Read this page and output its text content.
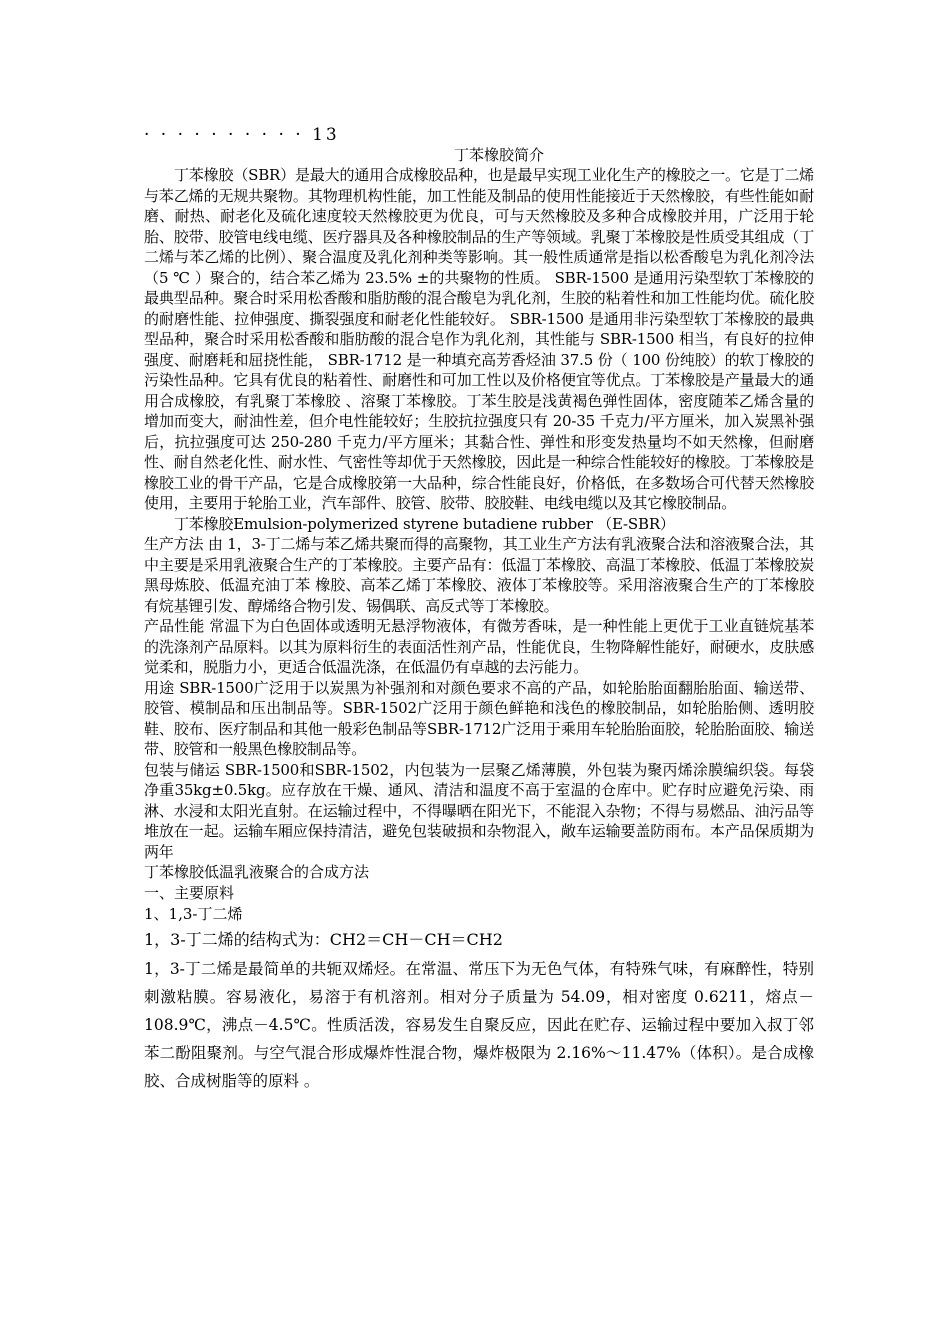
· · · · · · · · · · 13

丁苯橡胶简介

丁苯橡胶（SBR）是最大的通用合成橡胶品种，也是最早实现工业化生产的橡胶之一。它是丁二烯与苯乙烯的无规共聚物。其物理机构性能，加工性能及制品的使用性能接近于天然橡胶，有些性能如耐磨、耐热、耐老化及硫化速度较天然橡胶更为优良，可与天然橡胶及多种合成橡胶并用，广泛用于轮胎、胶带、胶管电线电缆、医疗器具及各种橡胶制品的生产等领域。乳聚丁苯橡胶是性质受其组成（丁二烯与苯乙烯的比例）、聚合温度及乳化剂种类等影响。其一般性质通常是指以松香酸皂为乳化剂冷法（5 ℃ ）聚合的，结合苯乙烯为 23.5% ±的共聚物的性质。 SBR-1500 是通用污染型软丁苯橡胶的最典型品种。聚合时采用松香酸和脂肪酸的混合酸皂为乳化剂，生胶的粘着性和加工性能均优。硫化胶的耐磨性能、拉伸强度、撕裂强度和耐老化性能较好。 SBR-1500 是通用非污染型软丁苯橡胶的最典型品种，聚合时采用松香酸和脂肪酸的混合皂作为乳化剂，其性能与 SBR-1500 相当，有良好的拉伸强度、耐磨耗和屈挠性能， SBR-1712 是一种填充高芳香烃油 37.5 份（ 100 份纯胶）的软丁橡胶的污染性品种。它具有优良的粘着性、耐磨性和可加工性以及价格便宜等优点。丁苯橡胶是产量最大的通用合成橡胶，有乳聚丁苯橡胶 、溶聚丁苯橡胶。丁苯生胶是浅黄褐色弹性固体，密度随苯乙烯含量的增加而变大，耐油性差，但介电性能较好；生胶抗拉强度只有 20-35 千克力/平方厘米，加入炭黑补强后，抗拉强度可达 250-280 千克力/平方厘米；其黏合性、弹性和形变发热量均不如天然橡，但耐磨性、耐自然老化性、耐水性、气密性等却优于天然橡胶，因此是一种综合性能较好的橡胶。丁苯橡胶是橡胶工业的骨干产品，它是合成橡胶第一大品种，综合性能良好，价格低，在多数场合可代替天然橡胶使用，主要用于轮胎工业，汽车部件、胶管、胶带、胶胶鞋、电线电缆以及其它橡胶制品。

丁苯橡胶Emulsion-polymerized styrene butadiene rubber （E-SBR）

生产方法 由 1，3-丁二烯与苯乙烯共聚而得的高聚物，其工业生产方法有乳液聚合法和溶液聚合法，其中主要是采用乳液聚合生产的丁苯橡胶。主要产品有：低温丁苯橡胶、高温丁苯橡胶、低温丁苯橡胶炭黑母炼胶、低温充油丁苯 橡胶、高苯乙烯丁苯橡胶、液体丁苯橡胶等。采用溶液聚合生产的丁苯橡胶有烷基锂引发、醇烯络合物引发、锡偶联、高反式等丁苯橡胶。

产品性能 常温下为白色固体或透明无悬浮物液体，有微芳香味，是一种性能上更优于工业直链烷基苯的洗涤剂产品原料。以其为原料衍生的表面活性剂产品，性能优良，生物降解性能好，耐硬水，皮肤感觉柔和，脱脂力小，更适合低温洗涤，在低温仍有卓越的去污能力。

用途 SBR-1500广泛用于以炭黑为补强剂和对颜色要求不高的产品，如轮胎胎面翻胎胎面、输送带、胶管、模制品和压出制品等。SBR-1502广泛用于颜色鲜艳和浅色的橡胶制品，如轮胎胎侧、透明胶鞋、胶布、医疗制品和其他一般彩色制品等SBR-1712广泛用于乘用车轮胎胎面胶，轮胎胎面胶、输送带、胶管和一般黑色橡胶制品等。

包装与储运 SBR-1500和SBR-1502，内包装为一层聚乙烯薄膜，外包装为聚丙烯涂膜编织袋。每袋净重35kg±0.5kg。应存放在干燥、通风、清洁和温度不高于室温的仓库中。贮存时应避免污染、雨淋、水浸和太阳光直射。在运输过程中，不得曝晒在阳光下，不能混入杂物；不得与易燃品、油污品等堆放在一起。运输车厢应保持清洁，避免包装破损和杂物混入，敞车运输要盖防雨布。本产品保质期为两年

丁苯橡胶低温乳液聚合的合成方法

一、主要原料

1、1,3-丁二烯

1，3-丁二烯的结构式为：CH2＝CH－CH＝CH2

1，3-丁二烯是最简单的共轭双烯烃。在常温、常压下为无色气体，有特殊气味，有麻醉性，特别刺激粘膜。容易液化，易溶于有机溶剂。相对分子质量为 54.09，相对密度 0.6211，熔点－108.9℃，沸点－4.5℃。性质活泼，容易发生自聚反应，因此在贮存、运输过程中要加入叔丁邻苯二酚阻聚剂。与空气混合形成爆炸性混合物，爆炸极限为 2.16%～11.47%（体积）。是合成橡胶、合成树脂等的原料 。
